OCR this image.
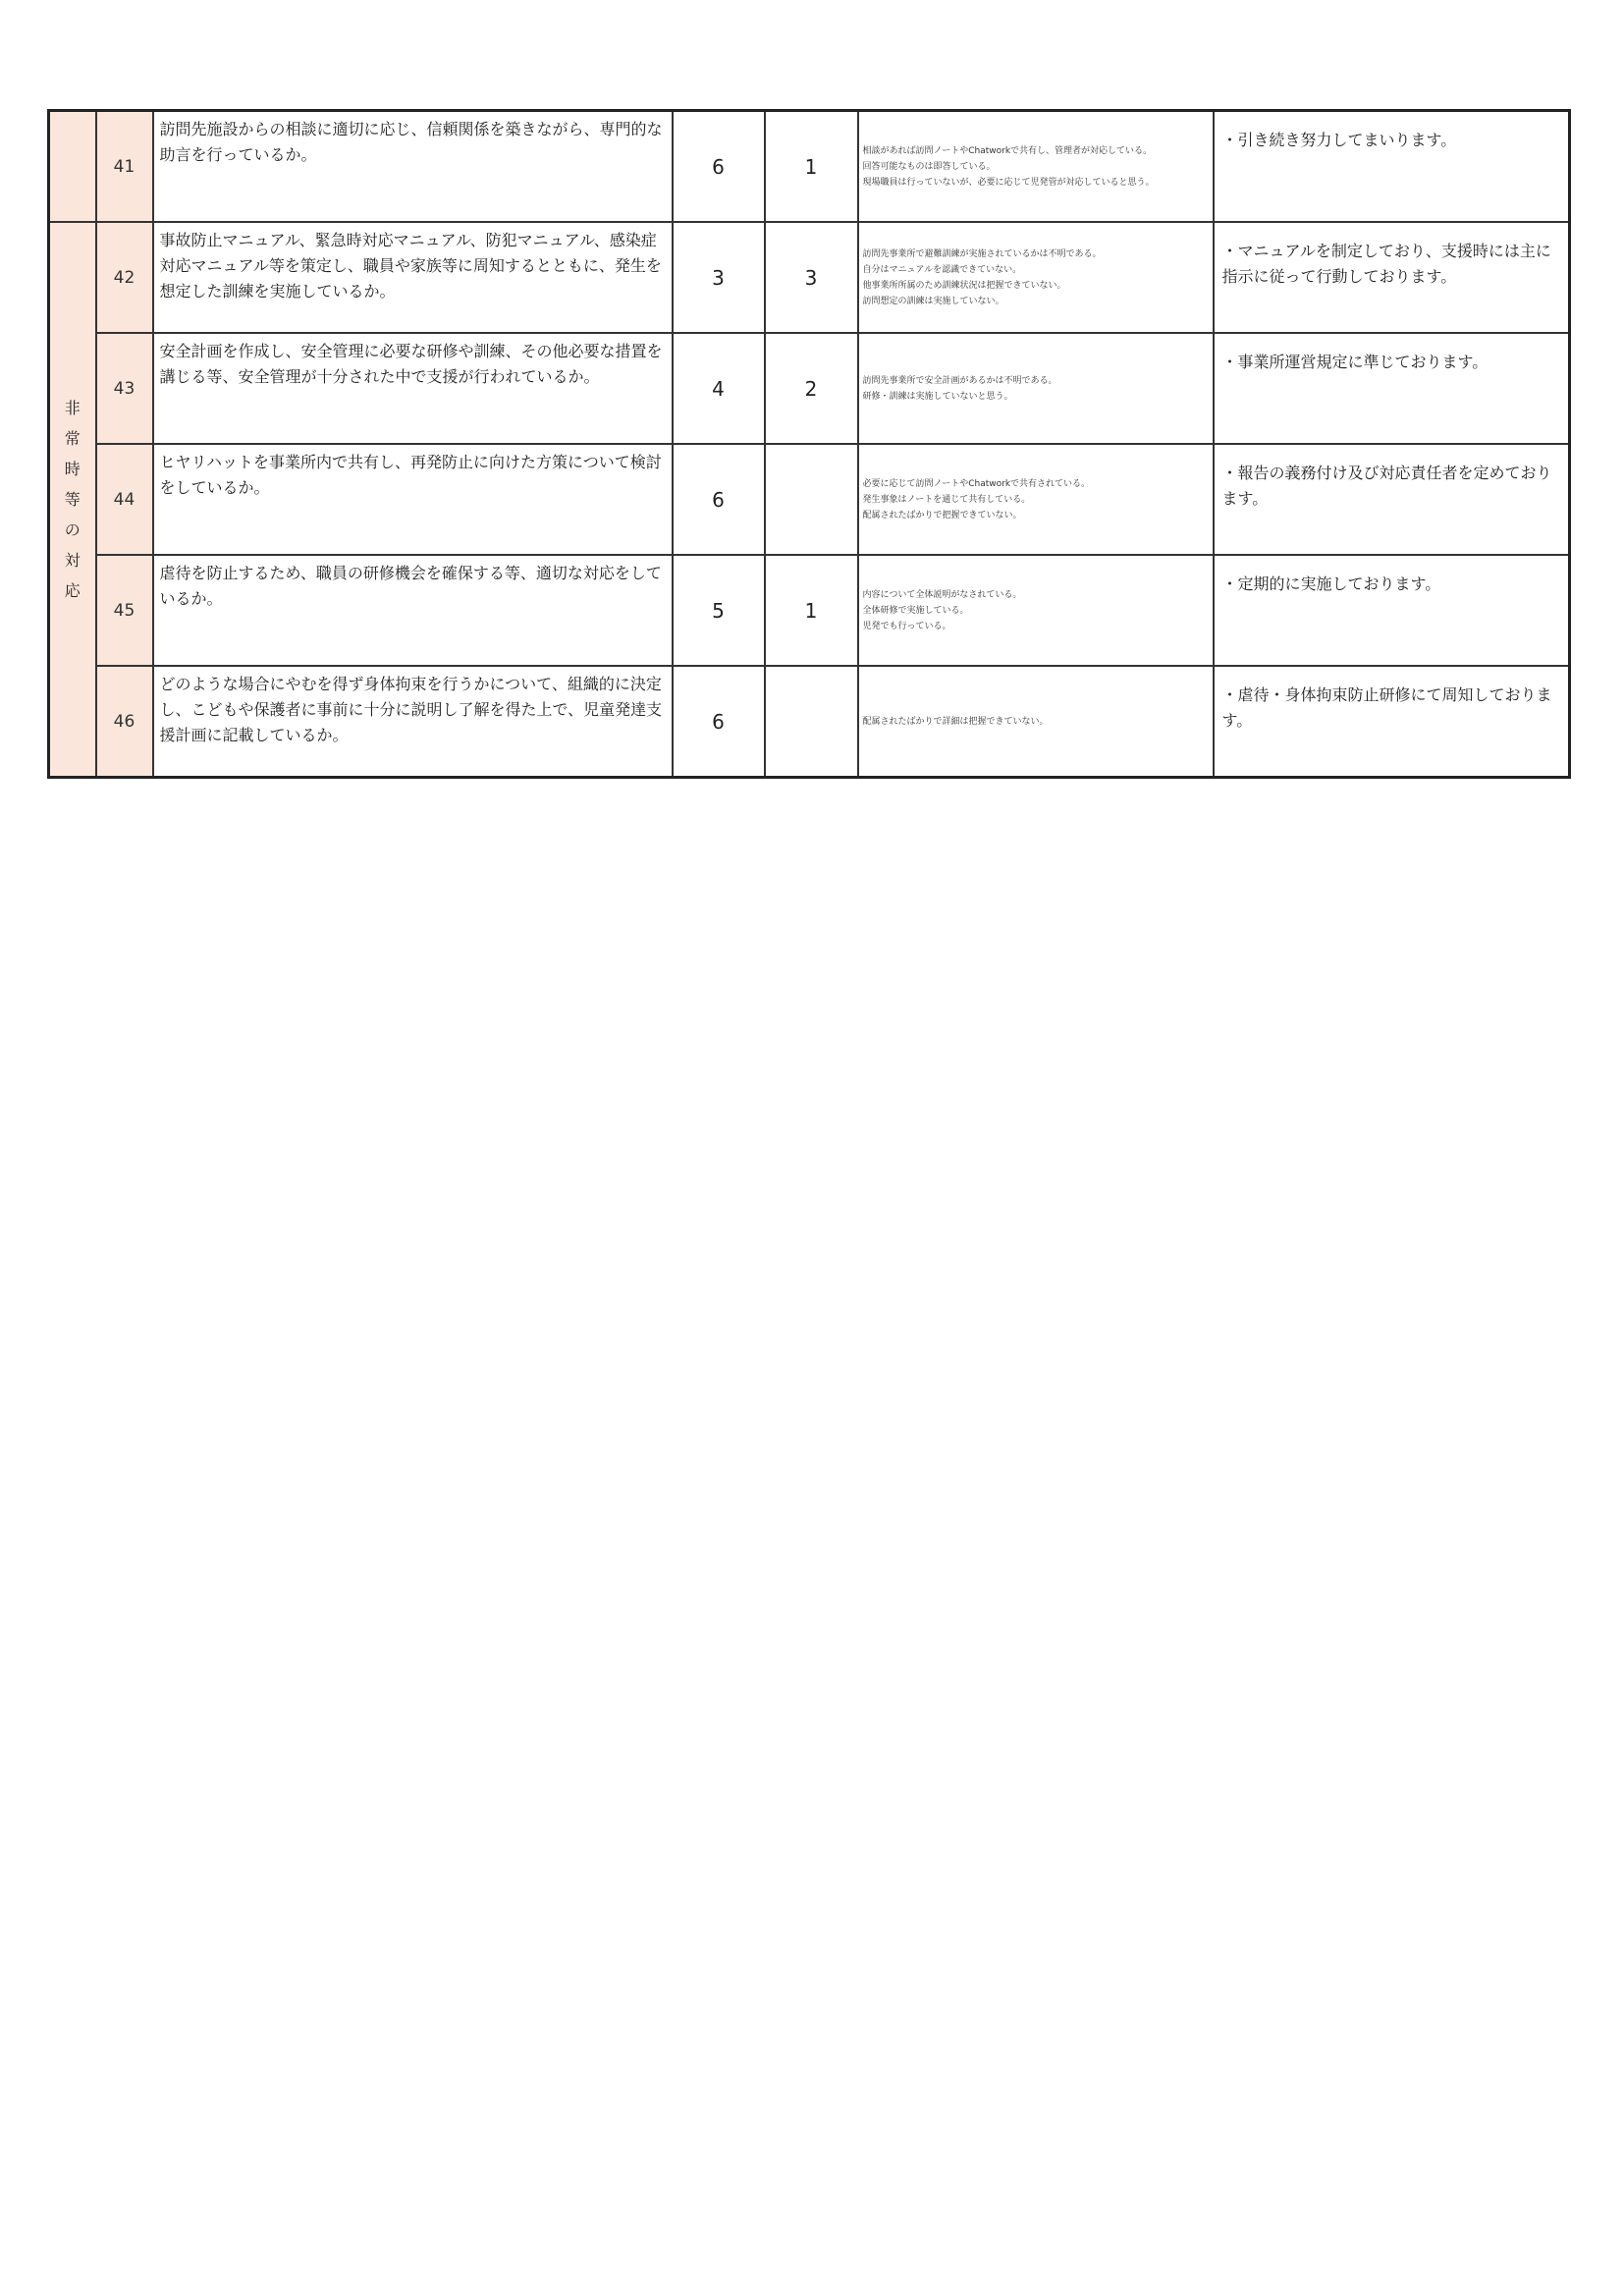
	41	訪問先施設からの相談に適切に応じ、信頼関係を築きながら、専門的な助言を行っているか。	6	1	相談があれば訪問ノートやChatworkで共有し、管理者が対応している。
回答可能なものは即答している。
現場職員は行っていないが、必要に応じて児発管が対応していると思う。	・引き続き努力してまいります。
非常時等の対応	42	事故防止マニュアル、緊急時対応マニュアル、防犯マニュアル、感染症対応マニュアル等を策定し、職員や家族等に周知するとともに、発生を想定した訓練を実施しているか。	3	3	訪問先事業所で避難訓練が実施されているかは不明である。
自分はマニュアルを認識できていない。
他事業所所属のため訓練状況は把握できていない。
訪問想定の訓練は実施していない。	・マニュアルを制定しており、支援時には主に指示に従って行動しております。
	43	安全計画を作成し、安全管理に必要な研修や訓練、その他必要な措置を講じる等、安全管理が十分された中で支援が行われているか。	4	2	訪問先事業所で安全計画があるかは不明である。
研修・訓練は実施していないと思う。	・事業所運営規定に準じております。
	44	ヒヤリハットを事業所内で共有し、再発防止に向けた方策について検討をしているか。	6		必要に応じて訪問ノートやChatworkで共有されている。
発生事象はノートを通じて共有している。
配属されたばかりで把握できていない。	・報告の義務付け及び対応責任者を定めております。
	45	虐待を防止するため、職員の研修機会を確保する等、適切な対応をしているか。	5	1	内容について全体説明がなされている。
全体研修で実施している。
児発でも行っている。	・定期的に実施しております。
	46	どのような場合にやむを得ず身体拘束を行うかについて、組織的に決定し、こどもや保護者に事前に十分に説明し了解を得た上で、児童発達支援計画に記載しているか。	6		配属されたばかりで詳細は把握できていない。	・虐待・身体拘束防止研修にて周知しております。
